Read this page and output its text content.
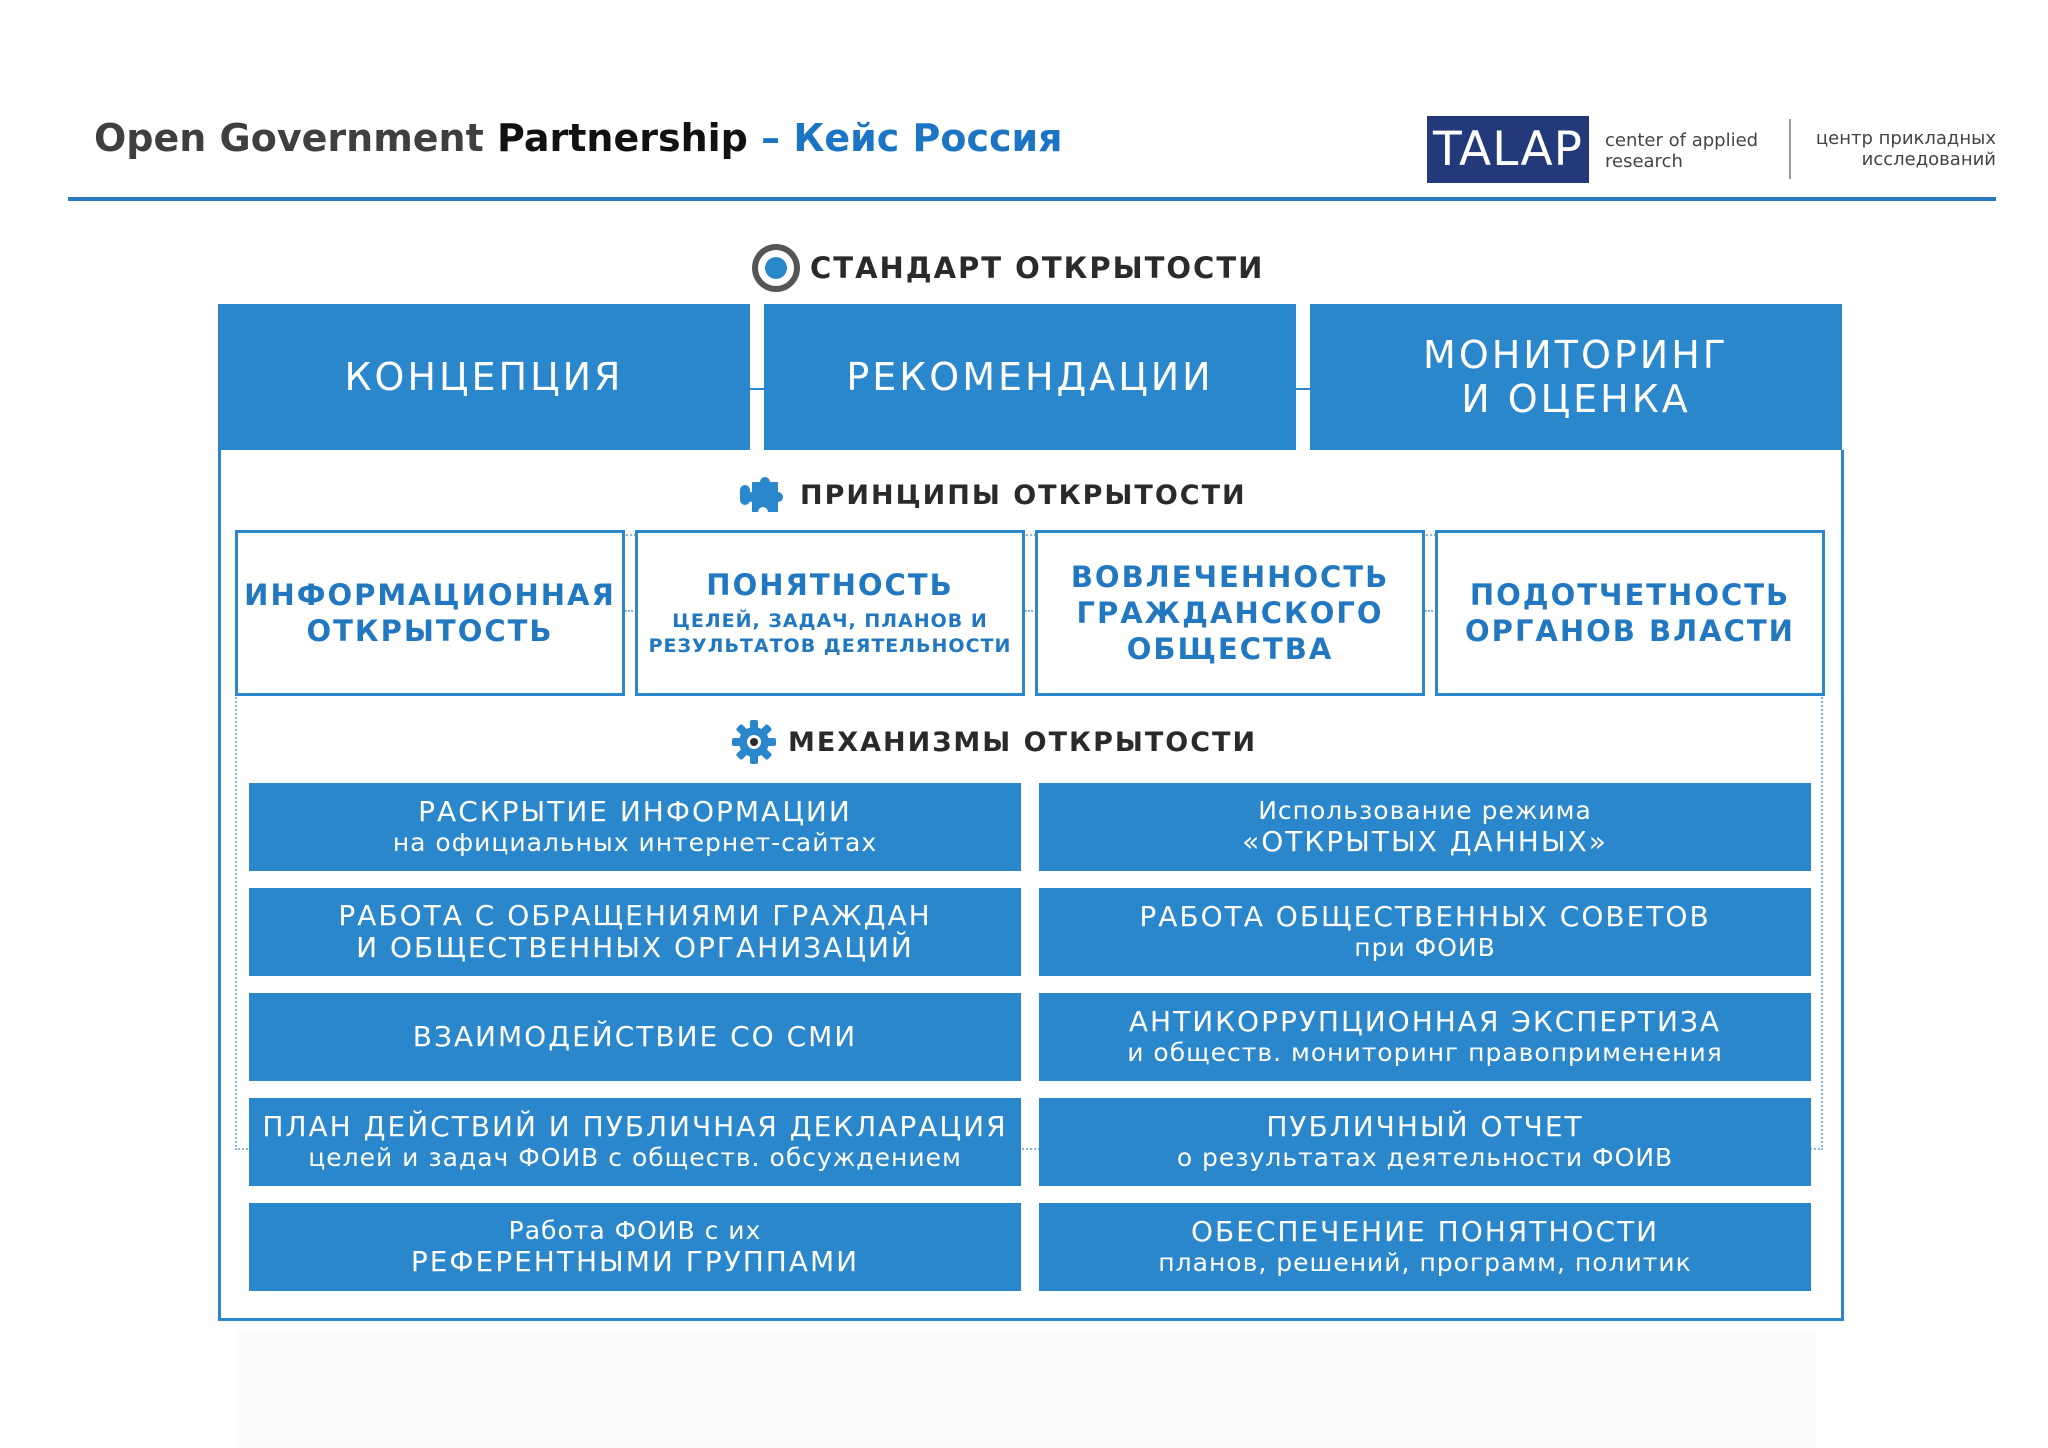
Open Government Partnership – Кейс Россия	TALAP	center of applied
research
центр прикладных
исследований
СТАНДАРТ ОТКРЫТОСТИ
КОНЦЕПЦИЯ	РЕКОМЕНДАЦИИ	МОНИТОРИНГ
И ОЦЕНКА
ПРИНЦИПЫ ОТКРЫТОСТИ
ИНФОРМАЦИОННАЯ
ОТКРЫТОСТЬ
ПОНЯТНОСТЬ
ЦЕЛЕЙ, ЗАДАЧ, ПЛАНОВ И
РЕЗУЛЬТАТОВ ДЕЯТЕЛЬНОСТИ
ВОВЛЕЧЕННОСТЬ
ГРАЖДАНСКОГО
ОБЩЕСТВА
ПОДОТЧЕТНОСТЬ
ОРГАНОВ ВЛАСТИ
МЕХАНИЗМЫ ОТКРЫТОСТИ
РАСКРЫТИЕ ИНФОРМАЦИИ
на официальных интернет-сайтах
РАБОТА С ОБРАЩЕНИЯМИ ГРАЖДАН
И ОБЩЕСТВЕННЫХ ОРГАНИЗАЦИЙ
ВЗАИМОДЕЙСТВИЕ СО СМИ
ПЛАН ДЕЙСТВИЙ И ПУБЛИЧНАЯ ДЕКЛАРАЦИЯ
целей и задач ФОИВ с обществ. обсуждением
Работа ФОИВ с их
РЕФЕРЕНТНЫМИ ГРУППАМИ
Использование режима
«ОТКРЫТЫХ ДАННЫХ»
РАБОТА ОБЩЕСТВЕННЫХ СОВЕТОВ
при ФОИВ
АНТИКОРРУПЦИОННАЯ ЭКСПЕРТИЗА
и обществ. мониторинг правоприменения
ПУБЛИЧНЫЙ ОТЧЕТ
о результатах деятельности ФОИВ
ОБЕСПЕЧЕНИЕ ПОНЯТНОСТИ
планов, решений, программ, политик
